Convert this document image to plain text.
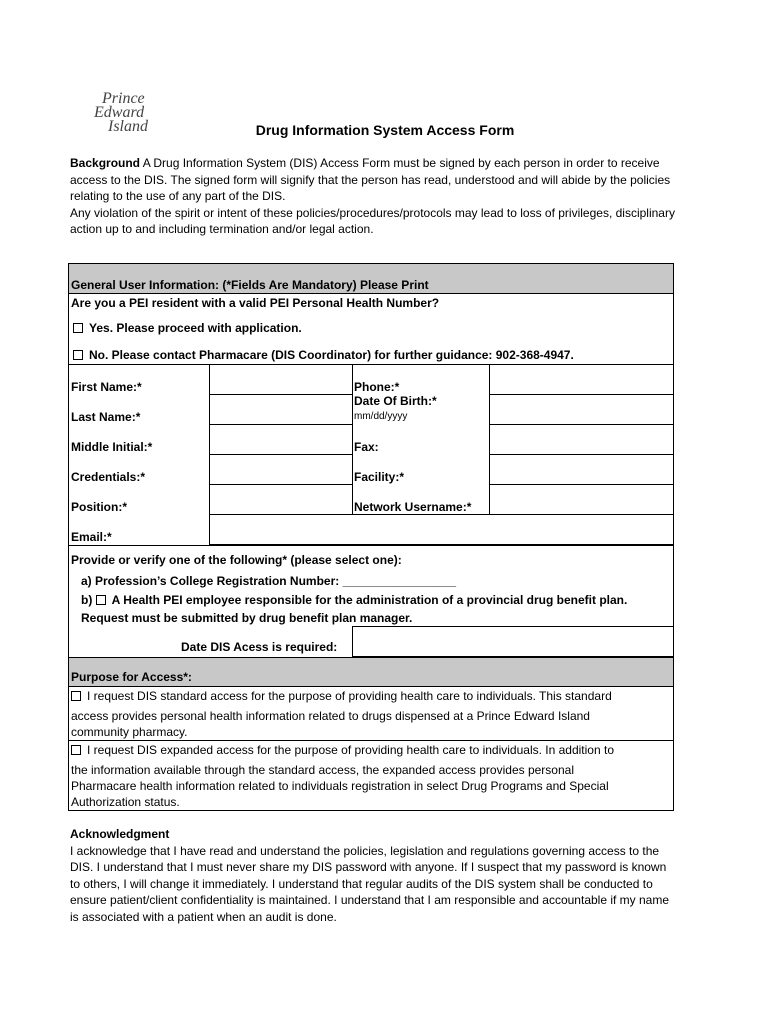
Prince
Edward
Island	Drug Information System Access Form
Background A Drug Information System (DIS) Access Form must be signed by each person in order to receive access to the DIS. The signed form will signify that the person has read, understood and will abide by the policies relating to the use of any part of the DIS.
Any violation of the spirit or intent of these policies/procedures/protocols may lead to loss of privileges, disciplinary action up to and including termination and/or legal action.
General User Information: (*Fields Are Mandatory) Please Print
Are you a PEI resident with a valid PEI Personal Health Number?
Yes. Please proceed with application.
No. Please contact Pharmacare (DIS Coordinator) for further guidance: 902-368-4947.
First Name:*
Last Name:*
Middle Initial:*
Credentials:*
Position:*
Email:*
Phone:*
Date Of Birth:*
mm/dd/yyyy
Fax:
Facility:*
Network Username:*
Provide or verify one of the following* (please select one):
a) Profession’s College Registration Number: _________________
b) A Health PEI employee responsible for the administration of a provincial drug benefit plan.
Request must be submitted by drug benefit plan manager.
Date DIS Acess is required:
Purpose for Access*:
I request DIS standard access for the purpose of providing health care to individuals. This standard
access provides personal health information related to drugs dispensed at a Prince Edward Island
community pharmacy.
I request DIS expanded access for the purpose of providing health care to individuals. In addition to
the information available through the standard access, the expanded access provides personal
Pharmacare health information related to individuals registration in select Drug Programs and Special
Authorization status.
Acknowledgment
I acknowledge that I have read and understand the policies, legislation and regulations governing access to the DIS. I understand that I must never share my DIS password with anyone. If I suspect that my password is known to others, I will change it immediately. I understand that regular audits of the DIS system shall be conducted to ensure patient/client confidentiality is maintained. I understand that I am responsible and accountable if my name is associated with a patient when an audit is done.
